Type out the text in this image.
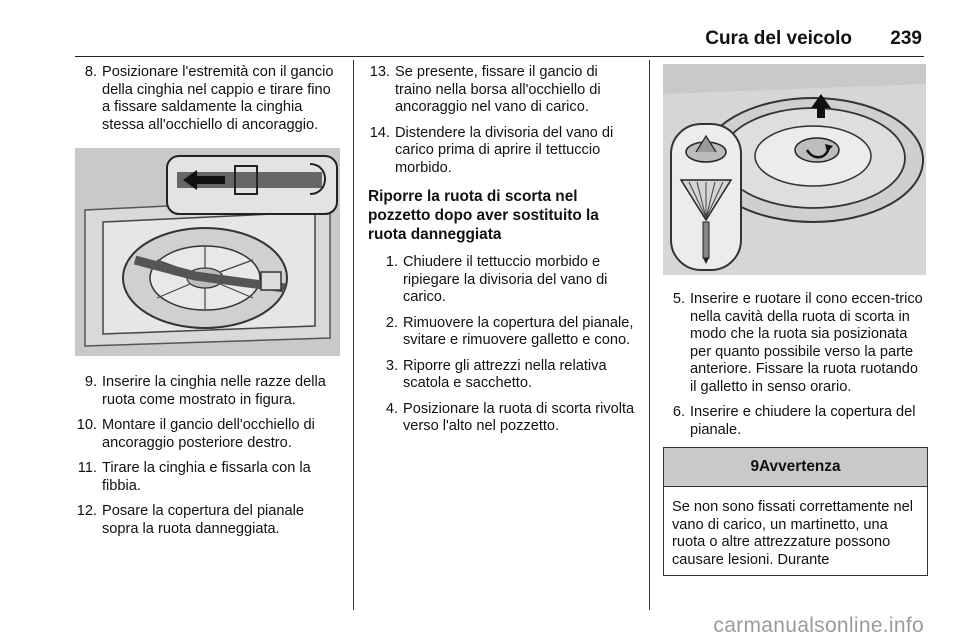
Cura del veicolo 239
8. Posizionare l'estremità con il gancio della cinghia nel cappio e tirare fino a fissare saldamente la cinghia stessa all'occhiello di ancoraggio.
9. Inserire la cinghia nelle razze della ruota come mostrato in figura.
10. Montare il gancio dell'occhiello di ancoraggio posteriore destro.
11. Tirare la cinghia e fissarla con la fibbia.
12. Posare la copertura del pianale sopra la ruota danneggiata.
13. Se presente, fissare il gancio di traino nella borsa all'occhiello di ancoraggio nel vano di carico.
14. Distendere la divisoria del vano di carico prima di aprire il tettuccio morbido.
Riporre la ruota di scorta nel pozzetto dopo aver sostituito la ruota danneggiata
1. Chiudere il tettuccio morbido e ripiegare la divisoria del vano di carico.
2. Rimuovere la copertura del pianale, svitare e rimuovere galletto e cono.
3. Riporre gli attrezzi nella relativa scatola e sacchetto.
4. Posizionare la ruota di scorta rivolta verso l'alto nel pozzetto.
5. Inserire e ruotare il cono eccen-trico nella cavità della ruota di scorta in modo che la ruota sia posizionata per quanto possibile verso la parte anteriore. Fissare la ruota ruotando il galletto in senso orario.
6. Inserire e chiudere la copertura del pianale.
9Avvertenza
Se non sono fissati correttamente nel vano di carico, un martinetto, una ruota o altre attrezzature possono causare lesioni. Durante
carmanualsonline.info
